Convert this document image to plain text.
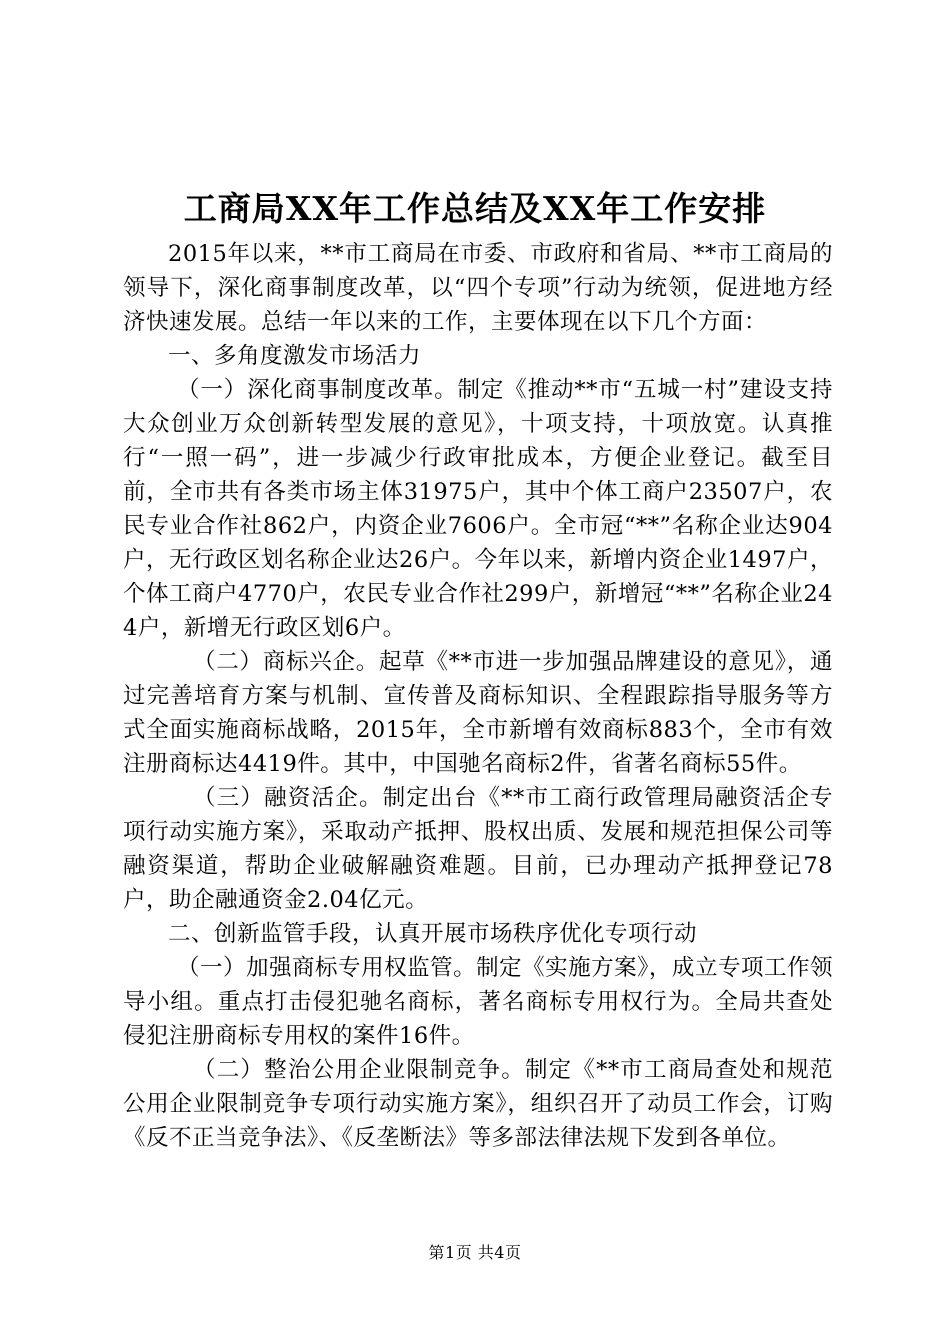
工商局XX年工作总结及XX年工作安排

2015年以来，**市工商局在市委、市政府和省局、**市工商局的领导下，深化商事制度改革，以“四个专项”行动为统领，促进地方经济快速发展。总结一年以来的工作，主要体现在以下几个方面：

一、多角度激发市场活力

（一）深化商事制度改革。制定《推动**市“五城一村”建设支持大众创业万众创新转型发展的意见》，十项支持，十项放宽。认真推行“一照一码”，进一步减少行政审批成本，方便企业登记。截至目前，全市共有各类市场主体31975户，其中个体工商户23507户，农民专业合作社862户，内资企业7606户。全市冠“**”名称企业达904户，无行政区划名称企业达26户。今年以来，新增内资企业1497户，个体工商户4770户，农民专业合作社299户，新增冠“**”名称企业244户，新增无行政区划6户。

（二）商标兴企。起草《**市进一步加强品牌建设的意见》，通过完善培育方案与机制、宣传普及商标知识、全程跟踪指导服务等方式全面实施商标战略，2015年，全市新增有效商标883个，全市有效注册商标达4419件。其中，中国驰名商标2件，省著名商标55件。

（三）融资活企。制定出台《**市工商行政管理局融资活企专项行动实施方案》，采取动产抵押、股权出质、发展和规范担保公司等融资渠道，帮助企业破解融资难题。目前，已办理动产抵押登记78户，助企融通资金2.04亿元。

二、创新监管手段，认真开展市场秩序优化专项行动

（一）加强商标专用权监管。制定《实施方案》，成立专项工作领导小组。重点打击侵犯驰名商标，著名商标专用权行为。全局共查处侵犯注册商标专用权的案件16件。

（二）整治公用企业限制竞争。制定《**市工商局查处和规范公用企业限制竞争专项行动实施方案》，组织召开了动员工作会，订购《反不正当竞争法》、《反垄断法》等多部法律法规下发到各单位。

第1页 共4页
